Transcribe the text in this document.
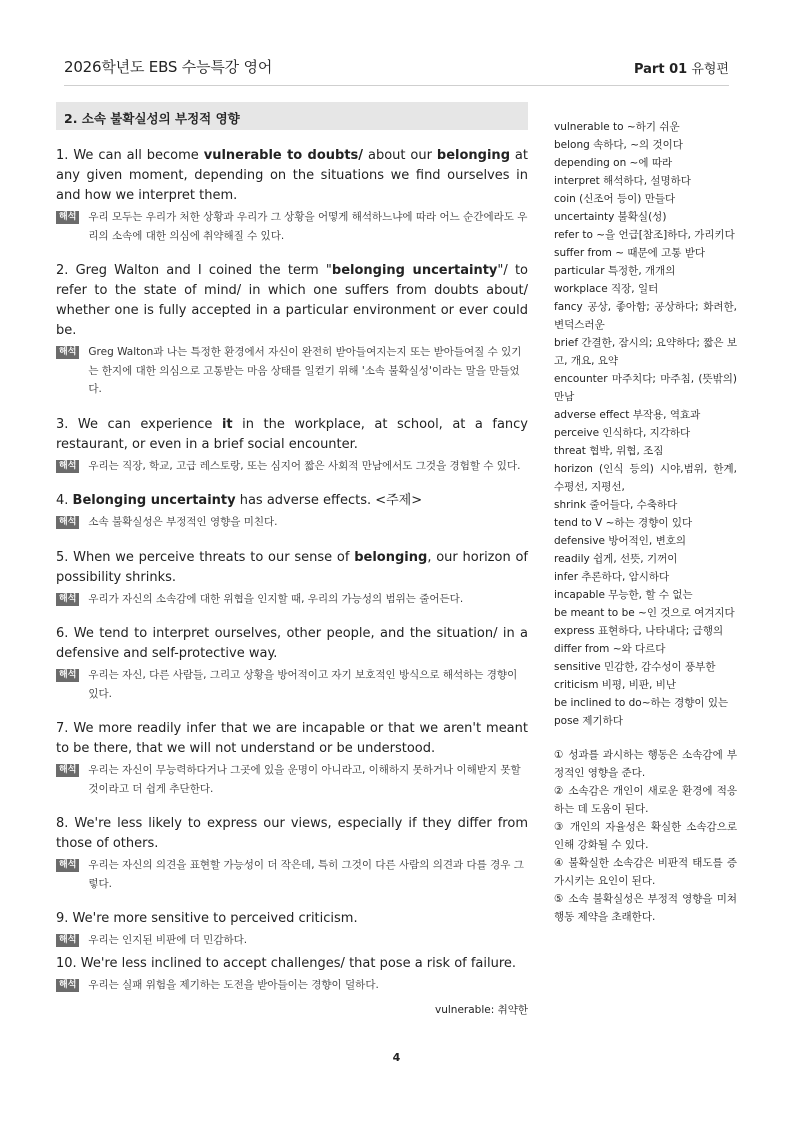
2026학년도 EBS 수능특강 영어	Part 01 유형편
2. 소속 불확실성의 부정적 영향
1. We can all become vulnerable to doubts/ about our belonging at any given moment, depending on the situations we find ourselves in and how we interpret them.
해석 우리 모두는 우리가 처한 상황과 우리가 그 상황을 어떻게 해석하느냐에 따라 어느 순간에라도 우리의 소속에 대한 의심에 취약해질 수 있다.
2. Greg Walton and I coined the term "belonging uncertainty"/ to refer to the state of mind/ in which one suffers from doubts about/ whether one is fully accepted in a particular environment or ever could be.
해석 Greg Walton과 나는 특정한 환경에서 자신이 완전히 받아들여지는지 또는 받아들여질 수 있기는 한지에 대한 의심으로 고통받는 마음 상태를 일컫기 위해 '소속 불확실성'이라는 말을 만들었다.
3. We can experience it in the workplace, at school, at a fancy restaurant, or even in a brief social encounter.
해석 우리는 직장, 학교, 고급 레스토랑, 또는 심지어 짧은 사회적 만남에서도 그것을 경험할 수 있다.
4. Belonging uncertainty has adverse effects. <주제>
해석 소속 불확실성은 부정적인 영향을 미친다.
5. When we perceive threats to our sense of belonging, our horizon of possibility shrinks.
해석 우리가 자신의 소속감에 대한 위협을 인지할 때, 우리의 가능성의 범위는 줄어든다.
6. We tend to interpret ourselves, other people, and the situation/ in a defensive and self-protective way.
해석 우리는 자신, 다른 사람들, 그리고 상황을 방어적이고 자기 보호적인 방식으로 해석하는 경향이 있다.
7. We more readily infer that we are incapable or that we aren't meant to be there, that we will not understand or be understood.
해석 우리는 자신이 무능력하다거나 그곳에 있을 운명이 아니라고, 이해하지 못하거나 이해받지 못할 것이라고 더 쉽게 추단한다.
8. We're less likely to express our views, especially if they differ from those of others.
해석 우리는 자신의 의견을 표현할 가능성이 더 작은데, 특히 그것이 다른 사람의 의견과 다를 경우 그렇다.
9. We're more sensitive to perceived criticism.
해석 우리는 인지된 비판에 더 민감하다.
10. We're less inclined to accept challenges/ that pose a risk of failure.
해석 우리는 실패 위험을 제기하는 도전을 받아들이는 경향이 덜하다.
vulnerable: 취약한
vulnerable to ~하기 쉬운
belong 속하다, ~의 것이다
depending on ~에 따라
interpret 해석하다, 설명하다
coin (신조어 등이) 만들다
uncertainty 불확실(성)
refer to ~을 언급[참조]하다, 가리키다
suffer from ~ 때문에 고통 받다
particular 특정한, 개개의
workplace 직장, 일터
fancy 공상, 좋아함; 공상하다; 화려한, 변덕스러운
brief 간결한, 잠시의; 요약하다; 짧은 보고, 개요, 요약
encounter 마주치다; 마주침, (뜻밖의) 만남
adverse effect 부작용, 역효과
perceive 인식하다, 지각하다
threat 협박, 위협, 조짐
horizon (인식 등의) 시야,범위, 한계, 수평선, 지평선,
shrink 줄어들다, 수축하다
tend to V ~하는 경향이 있다
defensive 방어적인, 변호의
readily 쉽게, 선뜻, 기꺼이
infer 추론하다, 암시하다
incapable 무능한, 할 수 없는
be meant to be ~인 것으로 여겨지다
express 표현하다, 나타내다; 급행의
differ from ~와 다르다
sensitive 민감한, 감수성이 풍부한
criticism 비평, 비판, 비난
be inclined to do~하는 경향이 있는
pose 제기하다
① 성과를 과시하는 행동은 소속감에 부정적인 영향을 준다.
② 소속감은 개인이 새로운 환경에 적응하는 데 도움이 된다.
③ 개인의 자율성은 확실한 소속감으로 인해 강화될 수 있다.
④ 불확실한 소속감은 비판적 태도를 증가시키는 요인이 된다.
⑤ 소속 불확실성은 부정적 영향을 미쳐 행동 제약을 초래한다.
4
